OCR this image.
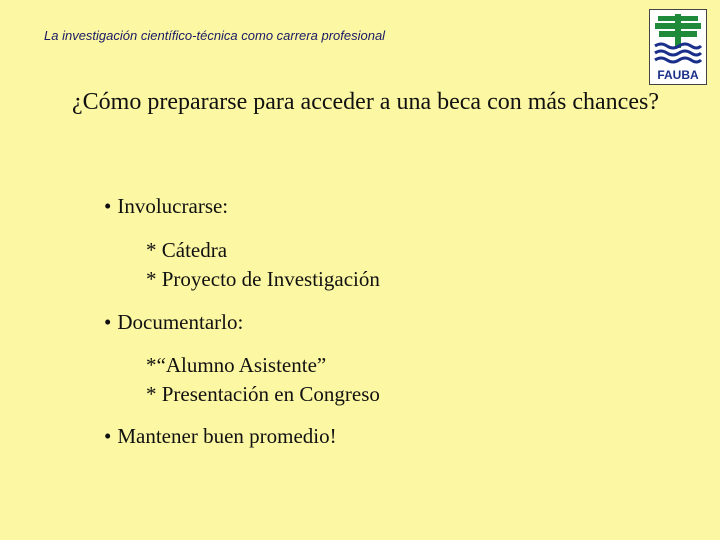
La investigación científico-técnica como carrera profesional
FAUBA
¿Cómo prepararse para acceder a una beca con más chances?
• Involucrarse:
* Cátedra
* Proyecto de Investigación
• Documentarlo:
*“Alumno Asistente”
* Presentación en Congreso
• Mantener buen promedio!
